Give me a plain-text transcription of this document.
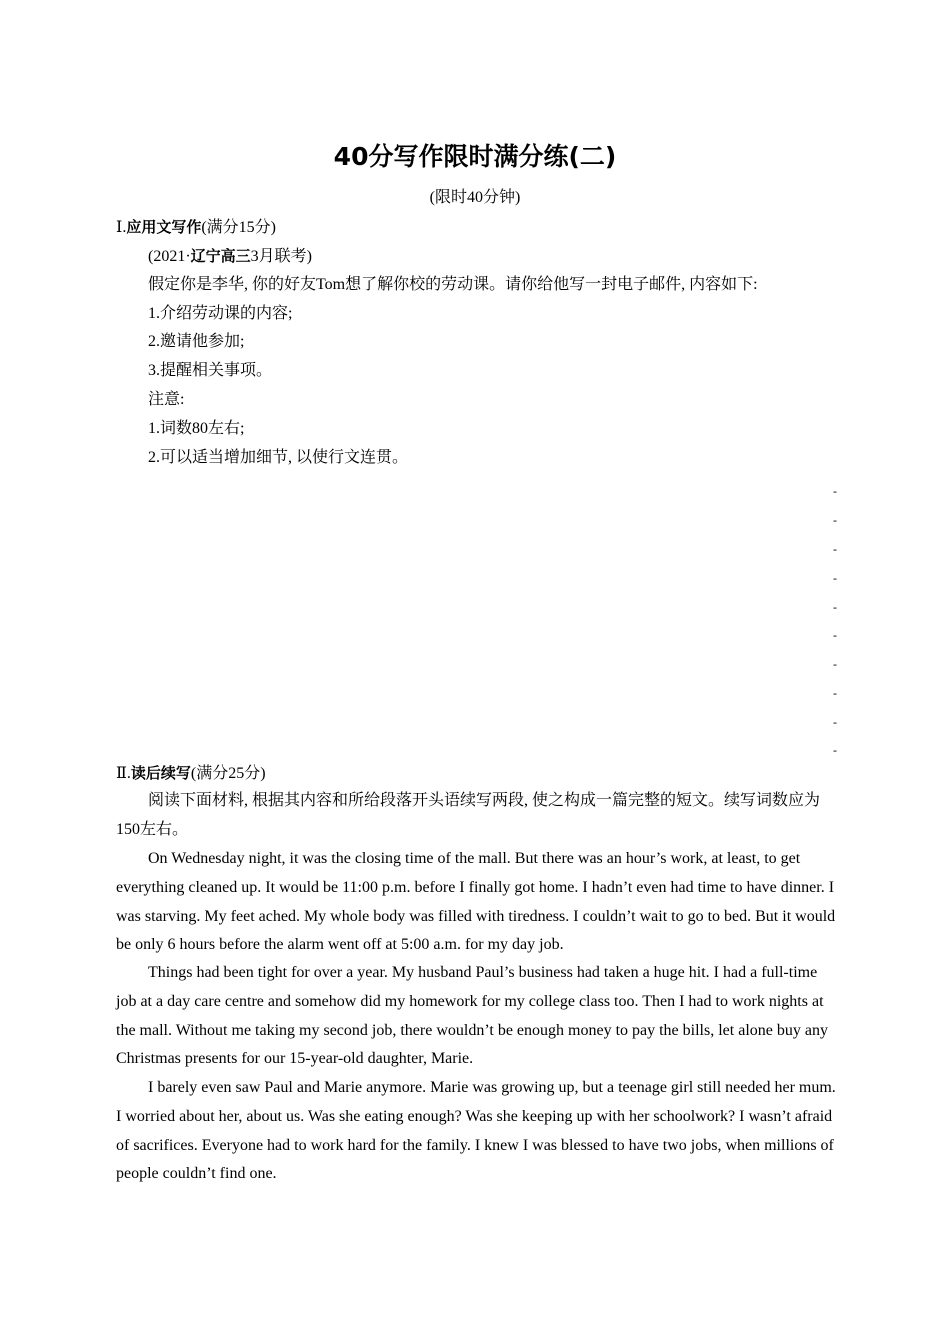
40分写作限时满分练(二)
(限时40分钟)
Ⅰ.应用文写作(满分15分)
(2021·辽宁高三3月联考)
假定你是李华, 你的好友Tom想了解你校的劳动课。请你给他写一封电子邮件, 内容如下:
1.介绍劳动课的内容;
2.邀请他参加;
3.提醒相关事项。
注意:
1.词数80左右;
2.可以适当增加细节, 以使行文连贯。
-
-
-
-
-
-
-
-
-
-
Ⅱ.读后续写(满分25分)

阅读下面材料, 根据其内容和所给段落开头语续写两段, 使之构成一篇完整的短文。续写词数应为150左右。

On Wednesday night, it was the closing time of the mall. But there was an hour’s work, at least, to get everything cleaned up. It would be 11:00 p.m. before I finally got home. I hadn’t even had time to have dinner. I was starving. My feet ached. My whole body was filled with tiredness. I couldn’t wait to go to bed. But it would be only 6 hours before the alarm went off at 5:00 a.m. for my day job.

Things had been tight for over a year. My husband Paul’s business had taken a huge hit. I had a full-time job at a day care centre and somehow did my homework for my college class too. Then I had to work nights at the mall. Without me taking my second job, there wouldn’t be enough money to pay the bills, let alone buy any Christmas presents for our 15-year-old daughter, Marie.

I barely even saw Paul and Marie anymore. Marie was growing up, but a teenage girl still needed her mum. I worried about her, about us. Was she eating enough? Was she keeping up with her schoolwork? I wasn’t afraid of sacrifices. Everyone had to work hard for the family. I knew I was blessed to have two jobs, when millions of people couldn’t find one.
